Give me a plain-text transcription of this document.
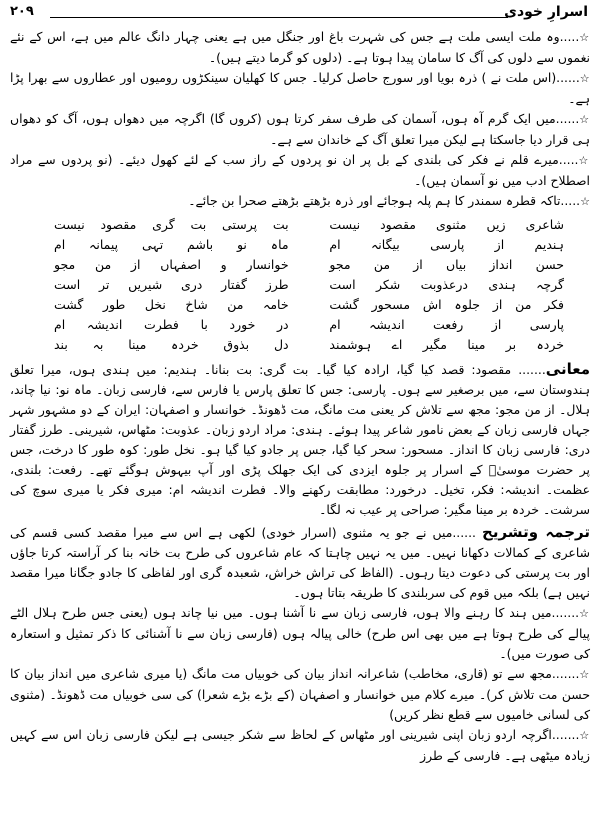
اسرارِ خودی
۲۰۹
☆.....وہ ملت ایسی ملت ہے جس کی شہرت باغ اور جنگل میں ہے یعنی چہار دانگ عالم میں ہے، اس کے نئے نغموں سے دلوں کی آگ کا سامان پیدا ہوتا ہے۔ (دلوں کو گرما دیتے ہیں)۔
☆......(اس ملت نے ) ذرہ بویا اور سورج حاصل کرلیا۔ جس کا کھلیان سینکڑوں رومیوں اور عطاروں سے بھرا پڑا ہے۔
☆......میں ایک گرم آہ ہوں، آسمان کی طرف سفر کرتا ہوں (کروں گا) اگرچہ میں دھواں ہوں، آگ کو دھواں ہی قرار دیا جاسکتا ہے لیکن میرا تعلق آگ کے خاندان سے ہے۔
☆.....میرے قلم نے فکر کی بلندی کے بل پر ان نو پردوں کے راز سب کے لئے کھول دیئے۔ (نو پردوں سے مراد اصطلاح ادب میں نو آسمان ہیں)۔
☆.....تاکہ قطرہ سمندر کا ہم پلہ ہوجائے اور ذرہ بڑھتے بڑھتے صحرا بن جائے۔
شاعری زیں مثنوی مقصود نیست
بت پرستی بت گری مقصود نیست
ہندیم از پارسی بیگانہ ام
ماہ نو باشم تہی پیمانہ ام
حسن انداز بیاں از من مجو
خوانسار و اصفہاں از من مجو
گرچہ ہندی درعذوبت شکر است
طرز گفتار دری شیریں تر است
فکر من از جلوہ اش مسحور گشت
خامہ من شاخ نخل طور گشت
پارسی از رفعت اندیشہ ام
در خورد با فطرت اندیشہ ام
خردہ بر مینا مگیر اے ہوشمند
دل بذوق خردہ مینا بہ بند
معانی....... مقصود: قصد کیا گیا، ارادہ کیا گیا۔ بت گری: بت بنانا۔ ہندیم: میں ہندی ہوں، میرا تعلق ہندوستان سے، میں برصغیر سے ہوں۔ پارسی: جس کا تعلق پارس یا فارس سے، فارسی زبان۔ ماہ نو: نیا چاند، ہلال۔ از من مجو: مجھ سے تلاش کر یعنی مت مانگ، مت ڈھونڈ۔ خوانسار و اصفہان: ایران کے دو مشہور شہر جہاں فارسی زبان کے بعض نامور شاعر پیدا ہوئے۔ ہندی: مراد اردو زبان۔ عذوبت: مٹھاس، شیرینی۔ طرز گفتار دری: فارسی زبان کا انداز۔ مسحور: سحر کیا گیا، جس پر جادو کیا گیا ہو۔ نخل طور: کوہ طور کا درخت، جس پر حضرت موسیٰؑ کے اسرار پر جلوہ ایزدی کی ایک جھلک پڑی اور آپ بیہوش ہوگئے تھے۔ رفعت: بلندی، عظمت۔ اندیشہ: فکر، تخیل۔ درخورد: مطابقت رکھنے والا۔ فطرت اندیشہ ام: میری فکر یا میری سوچ کی سرشت۔ خردہ بر مینا مگیر: صراحی پر عیب نہ لگا۔
ترجمہ وتشریح ......میں نے جو یہ مثنوی (اسرار خودی) لکھی ہے اس سے میرا مقصد کسی قسم کی شاعری کے کمالات دکھانا نہیں۔ میں یہ نہیں چاہتا کہ عام شاعروں کی طرح بت خانہ بنا کر آراستہ کرتا جاؤں اور بت پرستی کی دعوت دیتا رہوں۔ (الفاظ کی تراش خراش، شعبدہ گری اور لفاظی کا جادو جگانا میرا مقصد نہیں ہے) بلکہ میں قوم کی سربلندی کا طریقہ بتاتا ہوں۔
☆.......میں ہند کا رہنے والا ہوں، فارسی زبان سے نا آشنا ہوں۔ میں نیا چاند ہوں (یعنی جس طرح ہلال الٹے پیالے کی طرح ہوتا ہے میں بھی اس طرح) خالی پیالہ ہوں (فارسی زبان سے نا آشنائی کا ذکر تمثیل و استعارہ کی صورت میں)۔
☆.......مجھ سے تو (قاری، مخاطب) شاعرانہ انداز بیان کی خوبیاں مت مانگ (یا میری شاعری میں انداز بیان کا حسن مت تلاش کر)۔ میرے کلام میں خوانسار و اصفہان (کے بڑے بڑے شعرا) کی سی خوبیاں مت ڈھونڈ۔ (مثنوی کی لسانی خامیوں سے قطع نظر کریں)
☆.......اگرچہ اردو زبان اپنی شیرینی اور مٹھاس کے لحاظ سے شکر جیسی ہے لیکن فارسی زبان اس سے کہیں زیادہ میٹھی ہے۔ فارسی کے طرز
